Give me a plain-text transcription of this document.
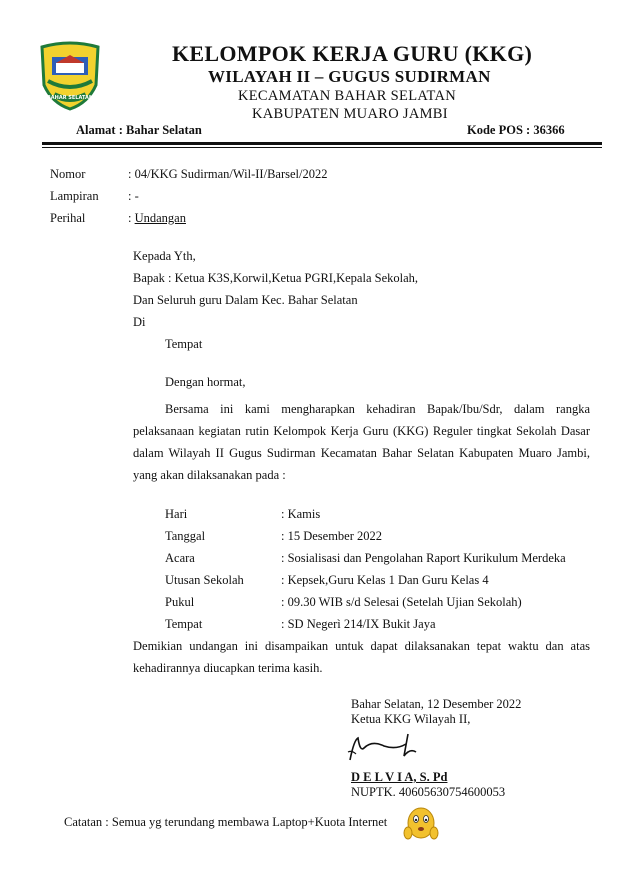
BAHAR SELATAN
KELOMPOK KERJA GURU (KKG)
WILAYAH II – GUGUS SUDIRMAN
KECAMATAN BAHAR SELATAN
KABUPATEN MUARO JAMBI
Alamat : Bahar Selatan	Kode POS : 36366
Nomor	: 04/KKG Sudirman/Wil-II/Barsel/2022
Lampiran : -
Perihal	: Undangan
Kepada Yth,
Bapak : Ketua K3S,Korwil,Ketua PGRI,Kepala Sekolah,
Dan Seluruh guru Dalam Kec. Bahar Selatan
Di
Tempat
Dengan hormat,
Bersama ini kami mengharapkan kehadiran Bapak/Ibu/Sdr, dalam rangka pelaksanaan kegiatan rutin Kelompok Kerja Guru (KKG) Reguler tingkat Sekolah Dasar dalam Wilayah II Gugus Sudirman Kecamatan Bahar Selatan Kabupaten Muaro Jambi, yang akan dilaksanakan pada :
Hari	: Kamis
Tanggal	: 15 Desember 2022
Acara	: Sosialisasi dan Pengolahan Raport Kurikulum Merdeka
Utusan Sekolah	: Kepsek,Guru Kelas 1 Dan Guru Kelas 4
Pukul	: 09.30 WIB s/d Selesai (Setelah Ujian Sekolah)
Tempat	: SD Negerì 214/IX Bukit Jaya
Demikian undangan ini disampaikan untuk dapat dilaksanakan tepat waktu dan atas kehadirannya diucapkan terima kasih.
Bahar Selatan, 12 Desember 2022
Ketua KKG Wilayah II,
D E L V I A, S. Pd
NUPTK. 40605630754600053
Catatan : Semua yg terundang membawa Laptop+Kuota Internet
